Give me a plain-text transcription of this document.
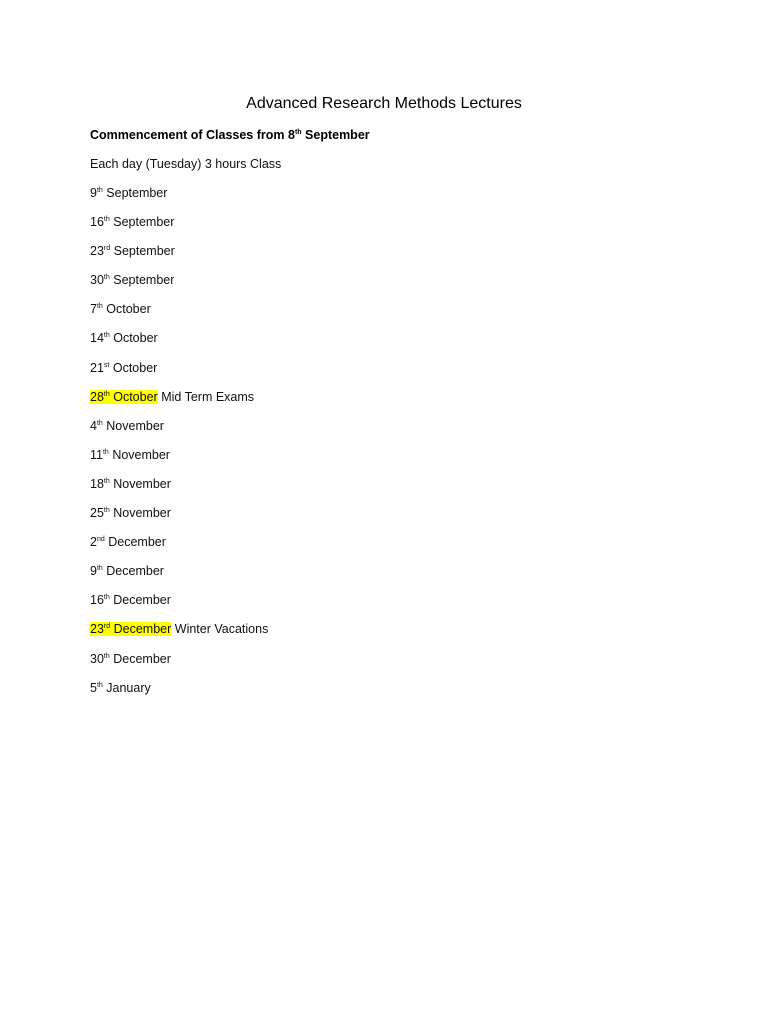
Advanced Research Methods Lectures
Commencement of Classes from 8th September
Each day (Tuesday) 3 hours Class
9th September
16th September
23rd September
30th September
7th October
14th October
21st October
28th October Mid Term Exams
4th November
11th November
18th November
25th November
2nd December
9th December
16th December
23rd December Winter Vacations
30th December
5th January
